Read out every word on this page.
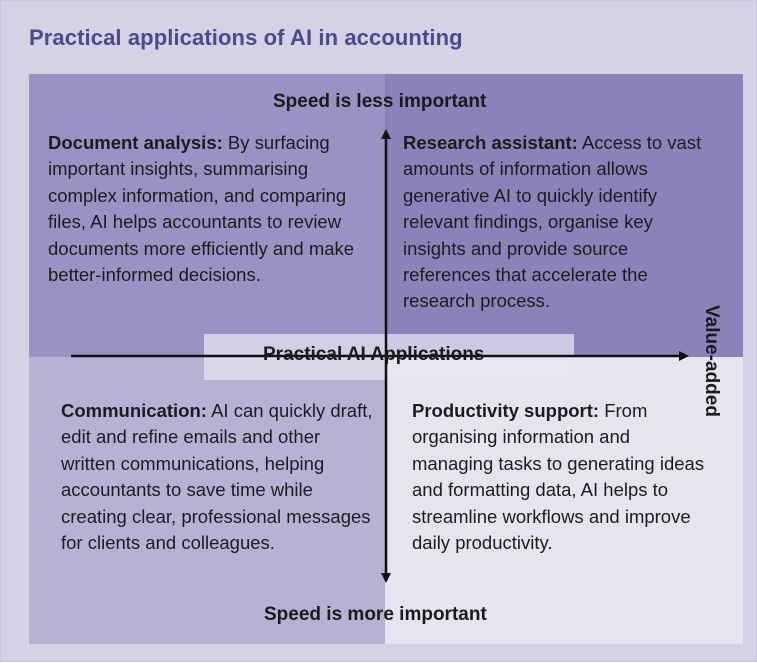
Practical applications of AI in accounting
Document analysis: By surfacing important insights, summarising complex information, and comparing files, AI helps accountants to review documents more efficiently and make better-informed decisions.
Research assistant: Access to vast amounts of information allows generative AI to quickly identify relevant findings, organise key insights and provide source references that accelerate the research process.
Communication: AI can quickly draft, edit and refine emails and other written communications, helping accountants to save time while creating clear, professional messages for clients and colleagues.
Productivity support: From organising information and managing tasks to generating ideas and formatting data, AI helps to streamline workflows and improve daily productivity.
Practical AI Applications
Speed is less important
Speed is more important
Value-added
